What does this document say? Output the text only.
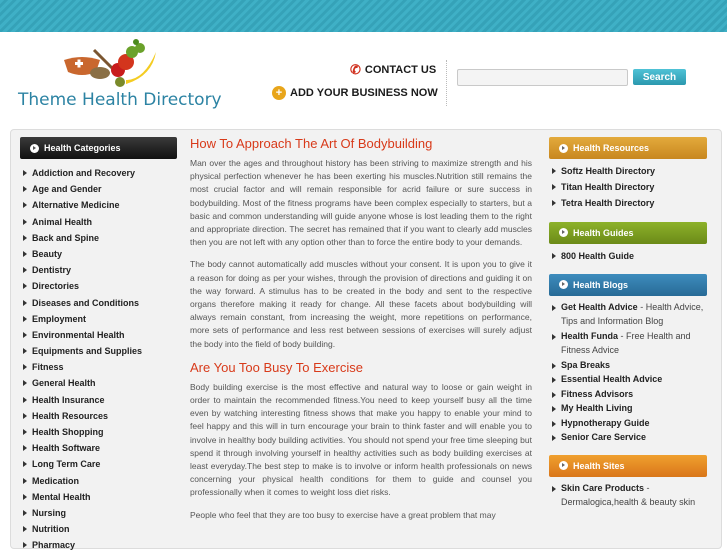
Theme Health Directory
✆ CONTACT US
+ ADD YOUR BUSINESS NOW
Search
Health Categories
Addiction and Recovery
Age and Gender
Alternative Medicine
Animal Health
Back and Spine
Beauty
Dentistry
Directories
Diseases and Conditions
Employment
Environmental Health
Equipments and Supplies
Fitness
General Health
Health Insurance
Health Resources
Health Shopping
Health Software
Long Term Care
Medication
Mental Health
Nursing
Nutrition
Pharmacy
How To Approach The Art Of Bodybuilding

Man over the ages and throughout history has been striving to maximize strength and his physical perfection whenever he has been exerting his muscles.Nutrition still remains the most crucial factor and will remain responsible for acrid failure or sure success in bodybuilding. Most of the fitness programs have been complex especially to starters, but a basic and common understanding will guide anyone whose is lost leading them to the right and appropriate direction. The secret has remained that if you want to clearly add muscles then you are not left with any option other than to force the entire body to your demands.

The body cannot automatically add muscles without your consent. It is upon you to give it a reason for doing as per your wishes, through the provision of directions and guiding it on the way forward. A stimulus has to be created in the body and sent to the respective organs therefore making it ready for change. All these facets about bodybuilding will always remain constant, from increasing the weight, more repetitions on performance, more sets of performance and less rest between sessions of exercises will surely adjust the body into the field of body building.

Are You Too Busy To Exercise

Body building exercise is the most effective and natural way to loose or gain weight in order to maintain the recommended fitness.You need to keep yourself busy all the time even by watching interesting fitness shows that make you happy to enable your mind to feel happy and this will in turn encourage your brain to think faster and will enable you to involve in healthy body building activities. You should not spend your free time sleeping but spend it through involving yourself in healthy activities such as body building exercises at least everyday.The best step to make is to involve or inform health professionals on news concerning your physical health conditions for them to guide and counsel you professionally when it comes to weight loss diet risks.

People who feel that they are too busy to exercise have a great problem that may

Health Resources
Softz Health Directory
Titan Health Directory
Tetra Health Directory
Health Guides
800 Health Guide
Health Blogs
Get Health Advice - Health Advice, Tips and Information Blog
Health Funda - Free Health and Fitness Advice
Spa Breaks
Essential Health Advice
Fitness Advisors
My Health Living
Hypnotherapy Guide
Senior Care Service
Health Sites
Skin Care Products - Dermalogica,health & beauty skin
